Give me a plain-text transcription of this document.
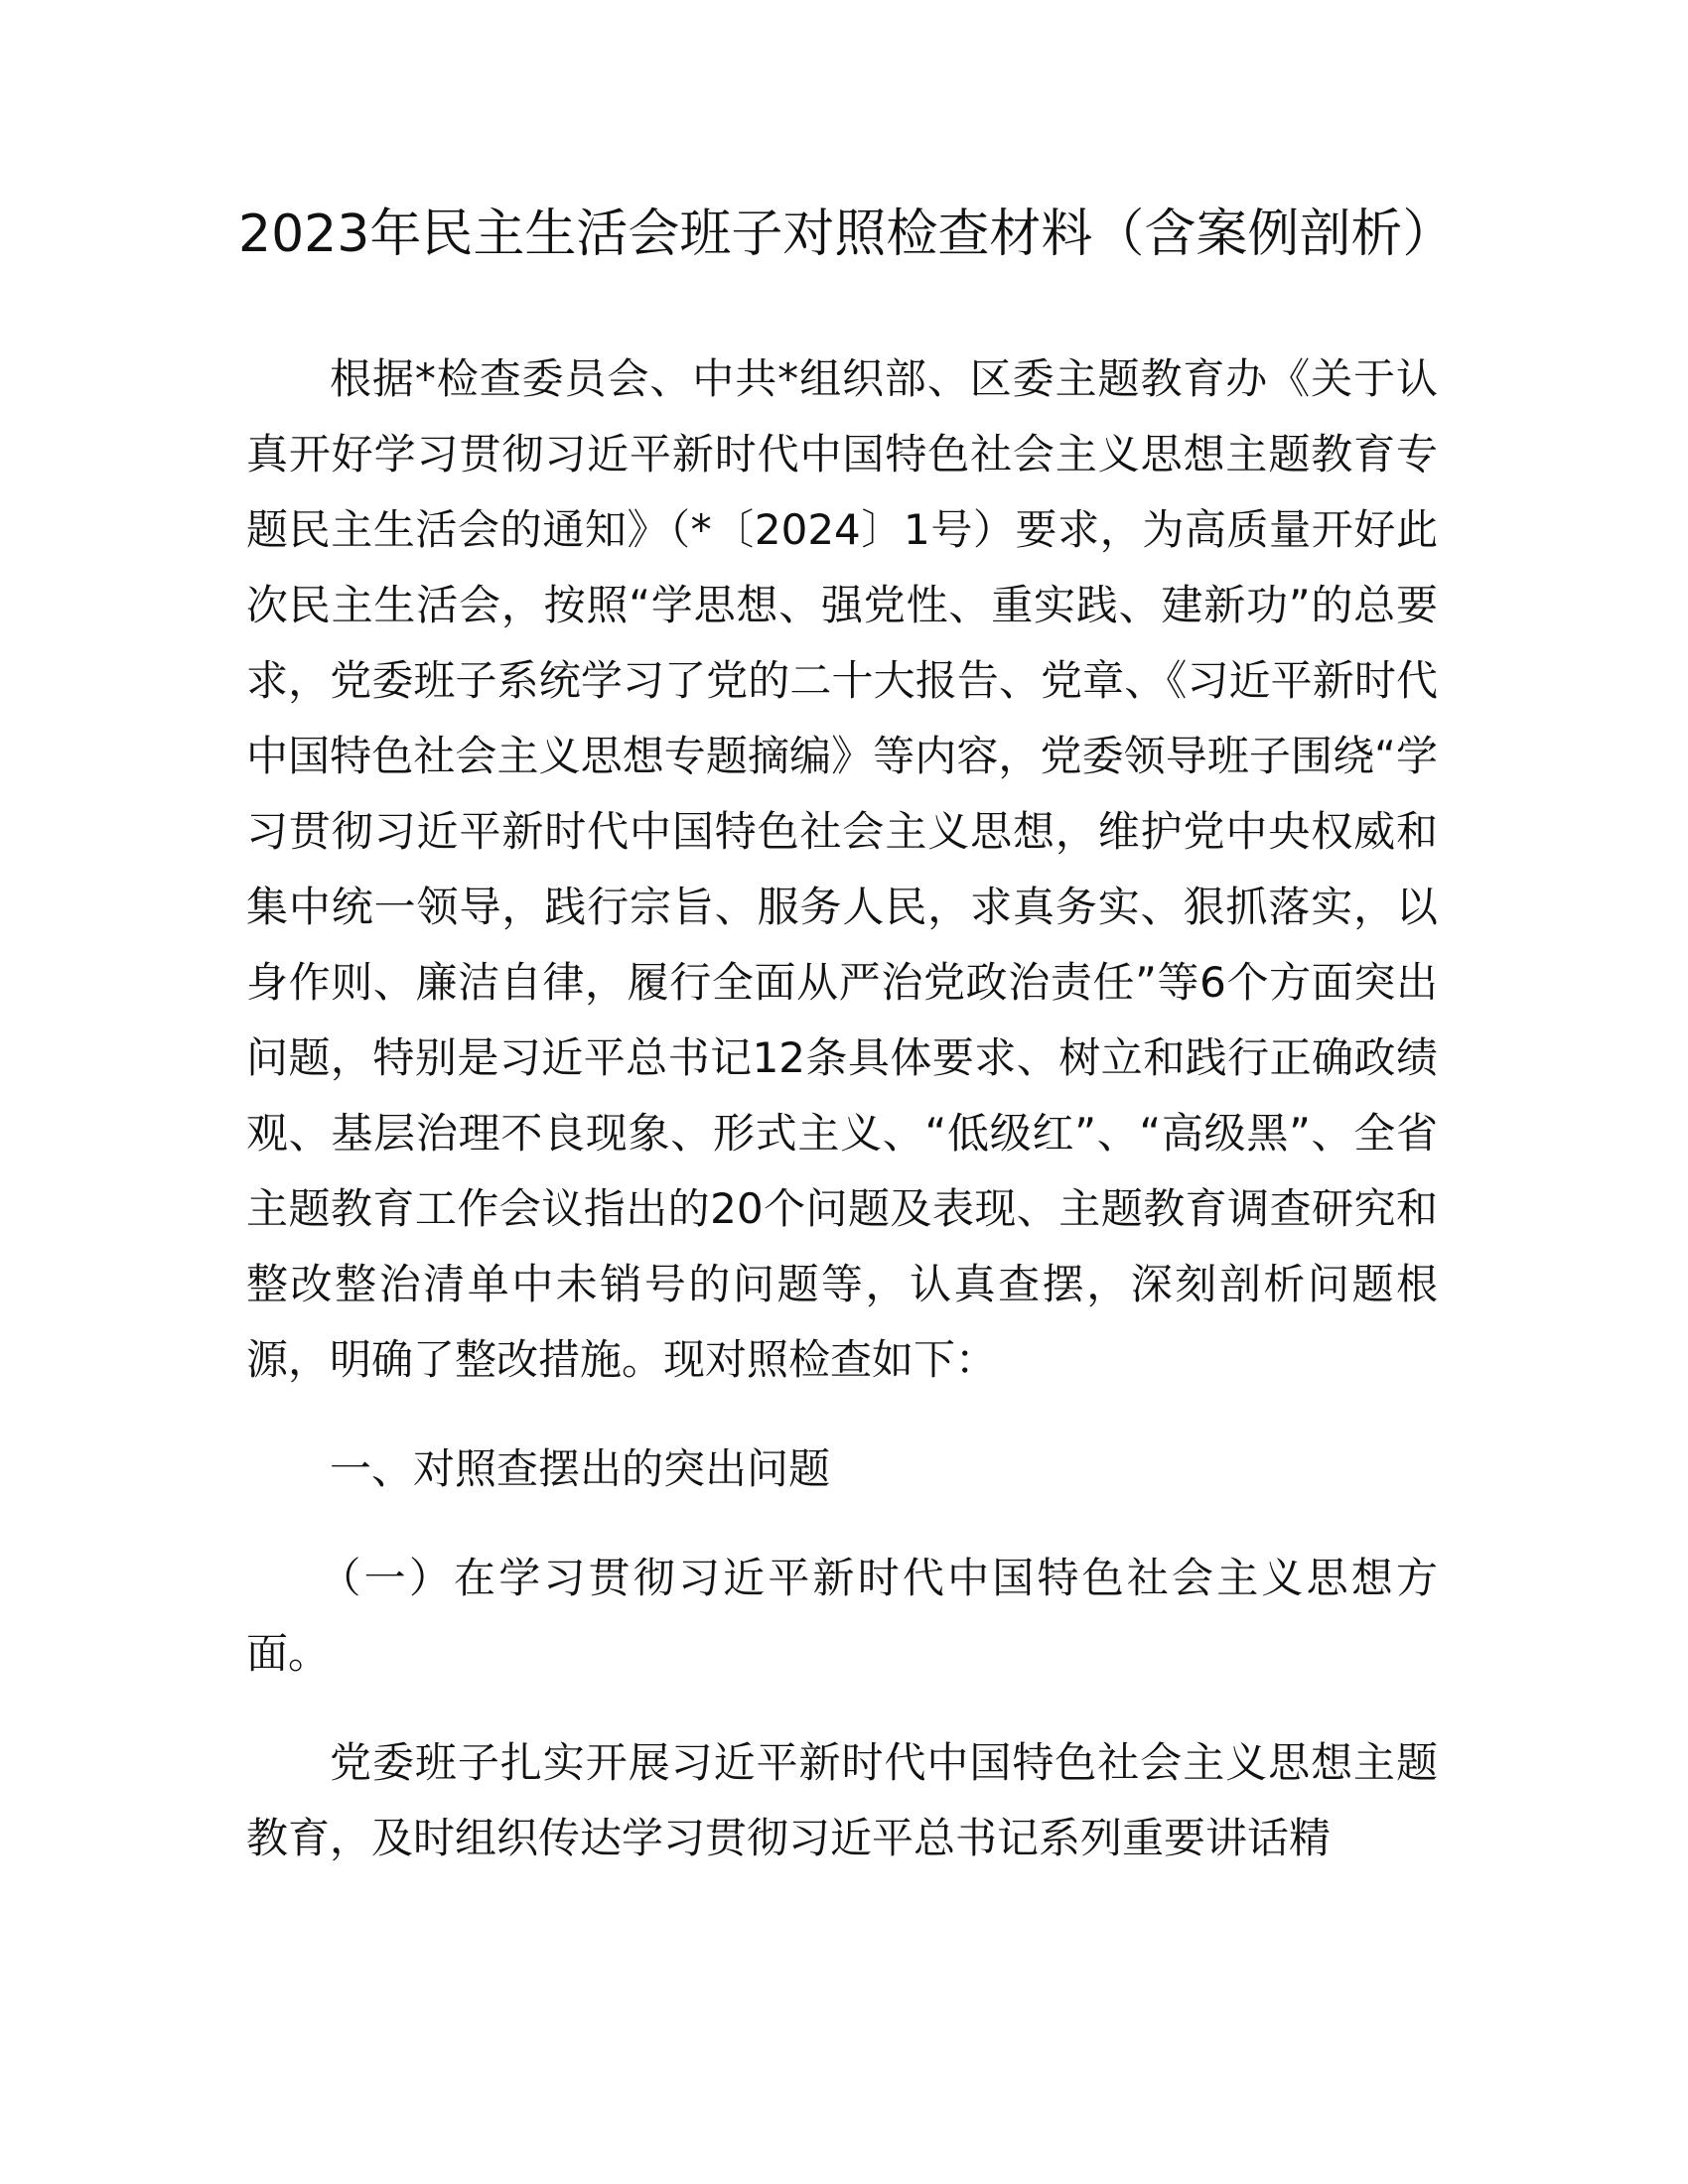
2023年民主生活会班子对照检查材料（含案例剖析）

根据*检查委员会、中共*组织部、区委主题教育办《关于认真开好学习贯彻习近平新时代中国特色社会主义思想主题教育专题民主生活会的通知》（*〔2024〕1号）要求，为高质量开好此次民主生活会，按照“学思想、强党性、重实践、建新功”的总要求，党委班子系统学习了党的二十大报告、党章、《习近平新时代中国特色社会主义思想专题摘编》等内容，党委领导班子围绕“学习贯彻习近平新时代中国特色社会主义思想，维护党中央权威和集中统一领导，践行宗旨、服务人民，求真务实、狠抓落实，以身作则、廉洁自律，履行全面从严治党政治责任”等6个方面突出问题，特别是习近平总书记12条具体要求、树立和践行正确政绩观、基层治理不良现象、形式主义、“低级红”、“高级黑”、全省主题教育工作会议指出的20个问题及表现、主题教育调查研究和整改整治清单中未销号的问题等，认真查摆，深刻剖析问题根源，明确了整改措施。现对照检查如下：

一、对照查摆出的突出问题

（一）在学习贯彻习近平新时代中国特色社会主义思想方面。

党委班子扎实开展习近平新时代中国特色社会主义思想主题教育，及时组织传达学习贯彻习近平总书记系列重要讲话精
